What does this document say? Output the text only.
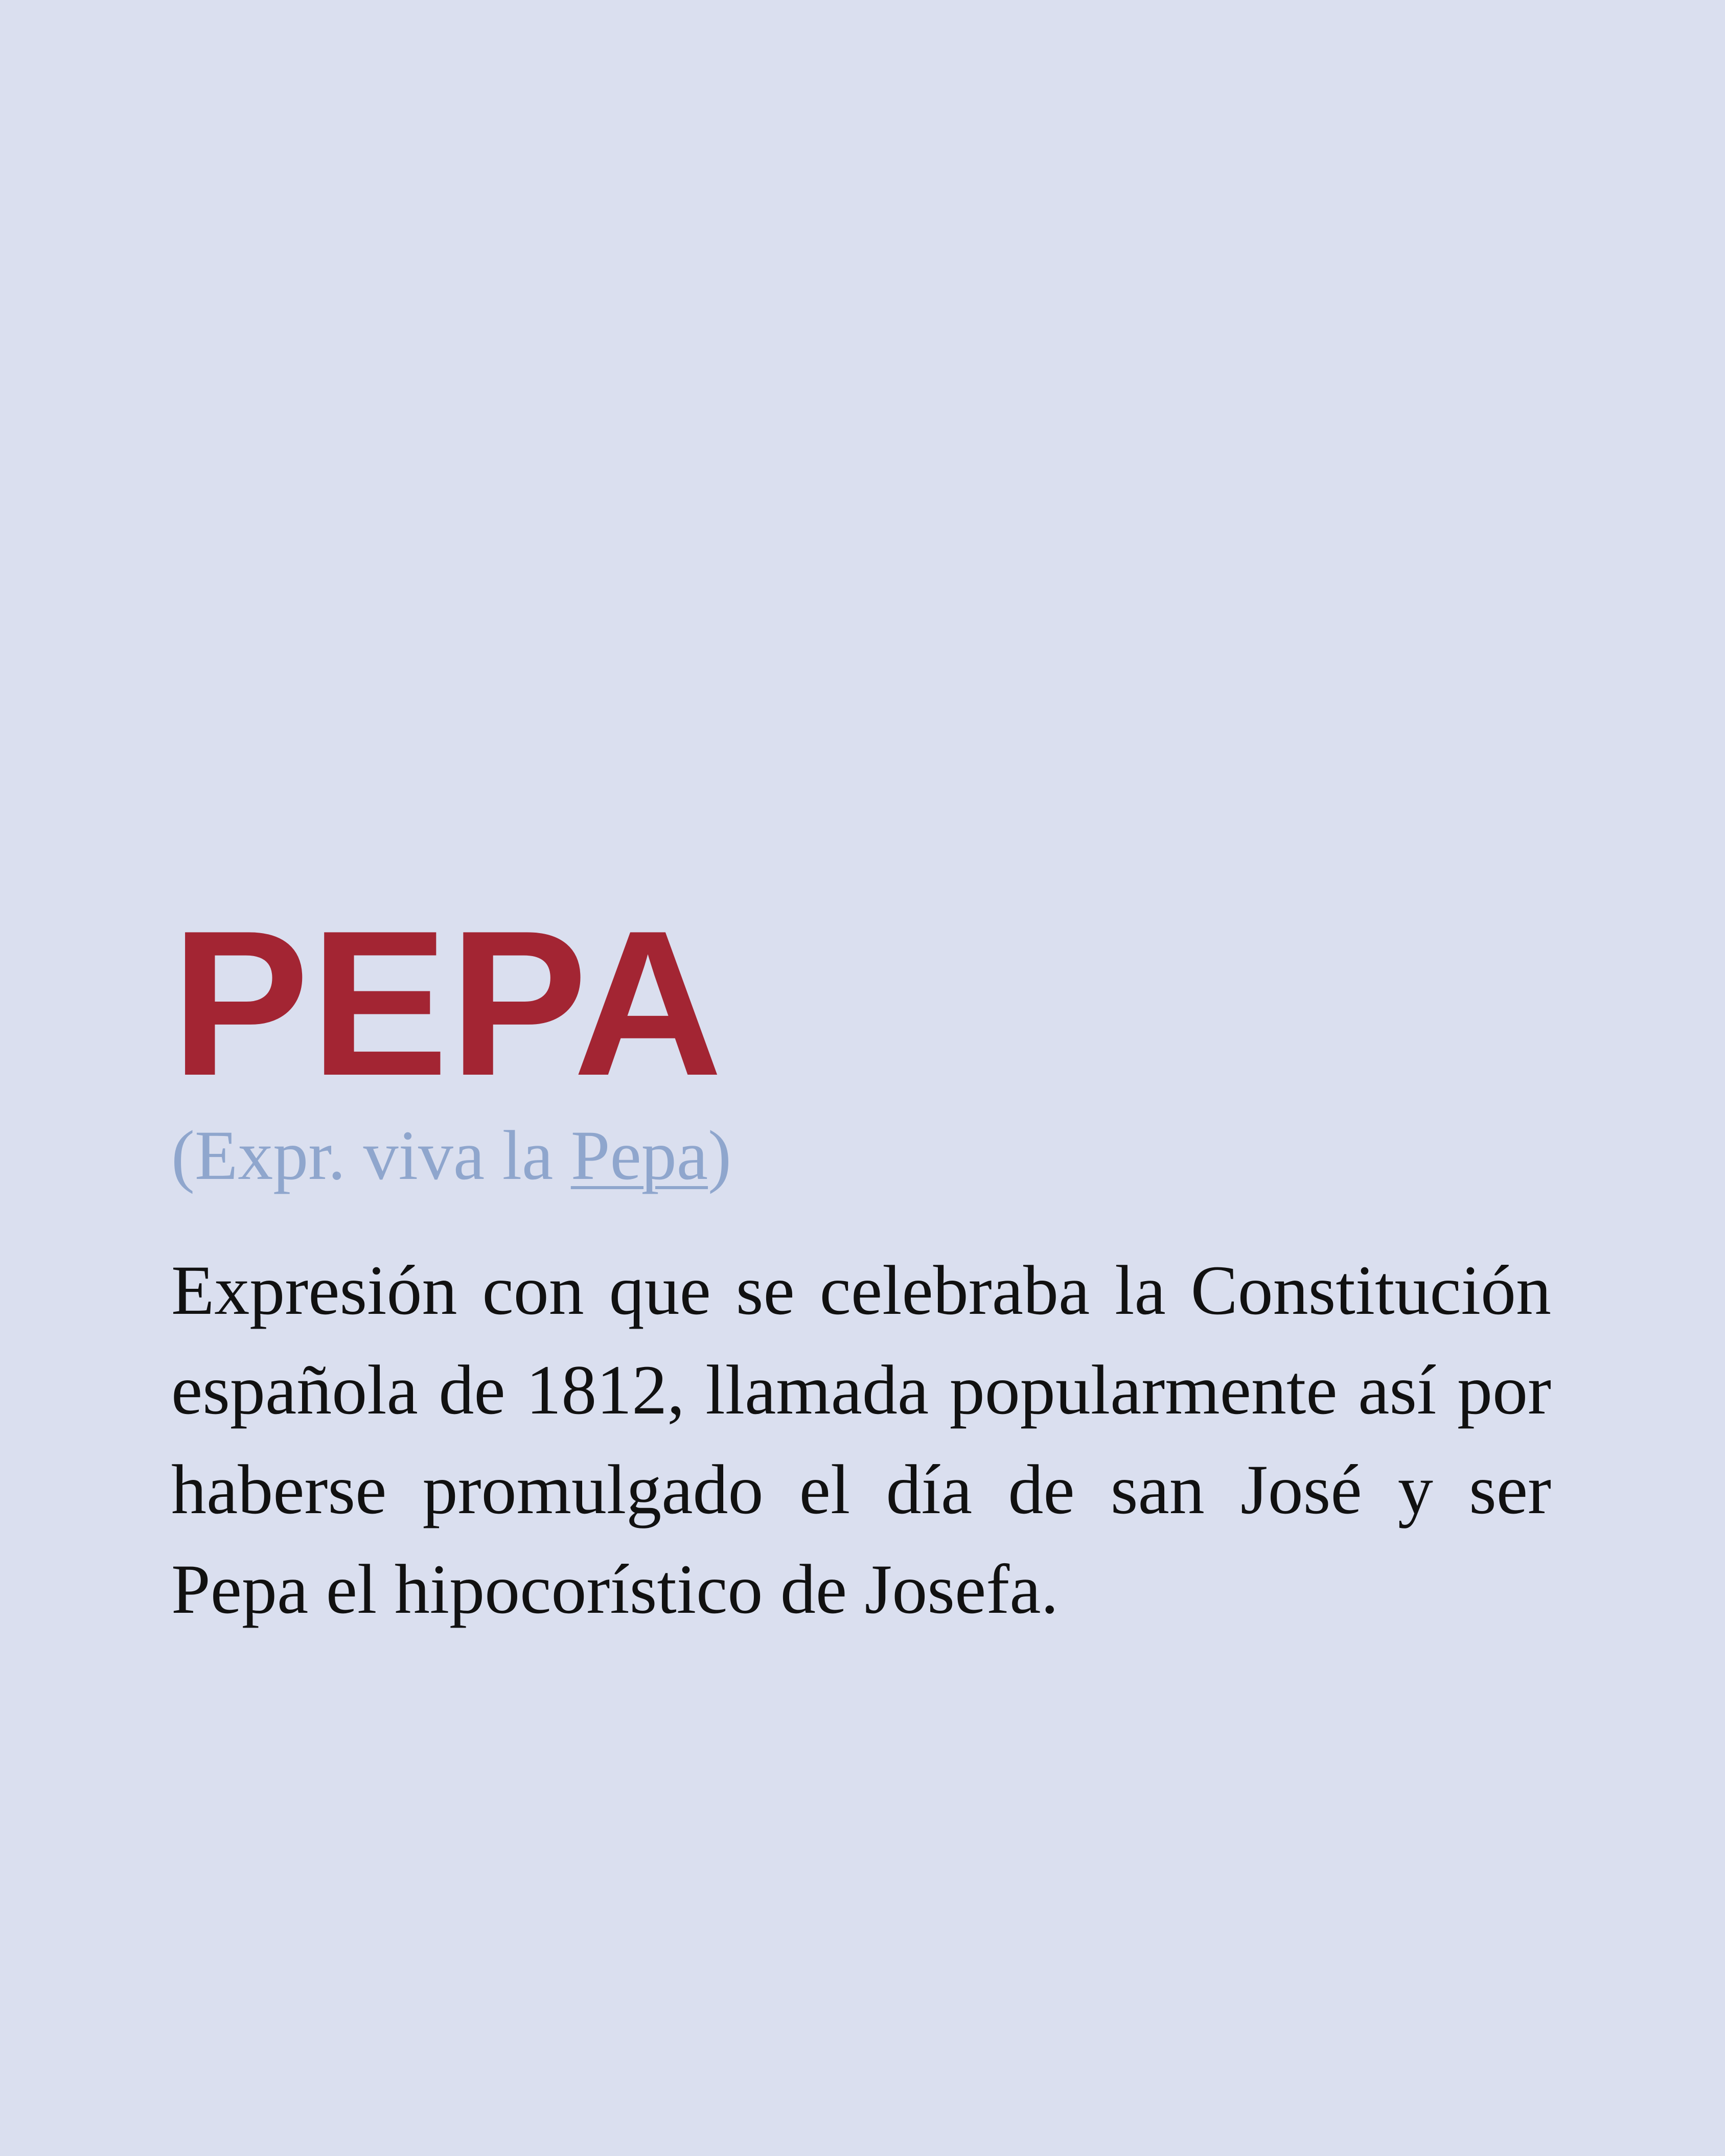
PEPA
(Expr. viva la Pepa)

Expresión con que se celebraba la Constitución española de 1812, llamada popularmente así por haberse promulgado el día de san José y ser Pepa el hipocorístico de Josefa.
